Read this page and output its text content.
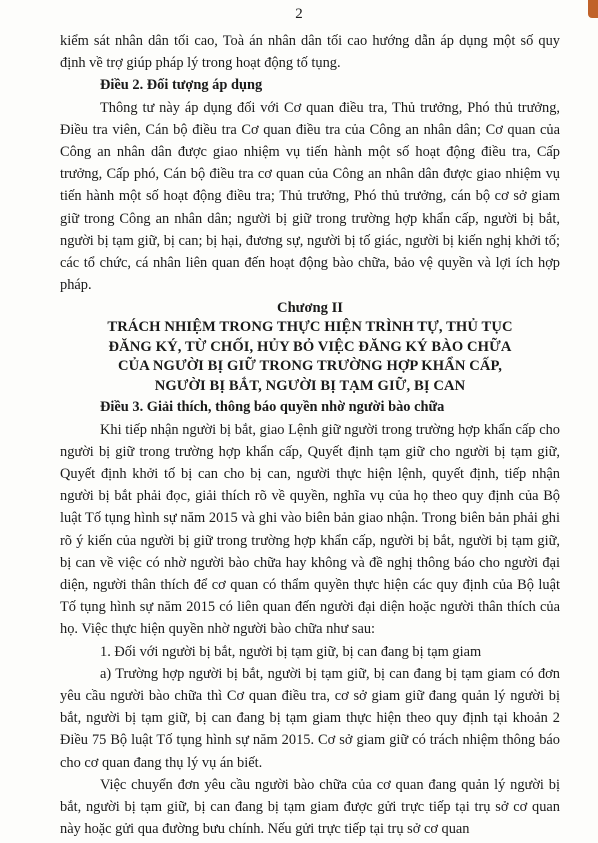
2

kiểm sát nhân dân tối cao, Toà án nhân dân tối cao hướng dẫn áp dụng một số quy định về trợ giúp pháp lý trong hoạt động tố tụng.

Điều 2. Đối tượng áp dụng

Thông tư này áp dụng đối với Cơ quan điều tra, Thủ trưởng, Phó thủ trưởng, Điều tra viên, Cán bộ điều tra Cơ quan điều tra của Công an nhân dân; Cơ quan của Công an nhân dân được giao nhiệm vụ tiến hành một số hoạt động điều tra, Cấp trưởng, Cấp phó, Cán bộ điều tra cơ quan của Công an nhân dân được giao nhiệm vụ tiến hành một số hoạt động điều tra; Thủ trưởng, Phó thủ trưởng, cán bộ cơ sở giam giữ trong Công an nhân dân; người bị giữ trong trường hợp khẩn cấp, người bị bắt, người bị tạm giữ, bị can; bị hại, đương sự, người bị tố giác, người bị kiến nghị khởi tố; các tổ chức, cá nhân liên quan đến hoạt động bào chữa, bảo vệ quyền và lợi ích hợp pháp.

Chương II
TRÁCH NHIỆM TRONG THỰC HIỆN TRÌNH TỰ, THỦ TỤC
ĐĂNG KÝ, TỪ CHỐI, HỦY BỎ VIỆC ĐĂNG KÝ BÀO CHỮA
CỦA NGƯỜI BỊ GIỮ TRONG TRƯỜNG HỢP KHẨN CẤP,
NGƯỜI BỊ BẮT, NGƯỜI BỊ TẠM GIỮ, BỊ CAN

Điều 3. Giải thích, thông báo quyền nhờ người bào chữa

Khi tiếp nhận người bị bắt, giao Lệnh giữ người trong trường hợp khẩn cấp cho người bị giữ trong trường hợp khẩn cấp, Quyết định tạm giữ cho người bị tạm giữ, Quyết định khởi tố bị can cho bị can, người thực hiện lệnh, quyết định, tiếp nhận người bị bắt phải đọc, giải thích rõ về quyền, nghĩa vụ của họ theo quy định của Bộ luật Tố tụng hình sự năm 2015 và ghi vào biên bản giao nhận. Trong biên bản phải ghi rõ ý kiến của người bị giữ trong trường hợp khẩn cấp, người bị bắt, người bị tạm giữ, bị can về việc có nhờ người bào chữa hay không và đề nghị thông báo cho người đại diện, người thân thích để cơ quan có thẩm quyền thực hiện các quy định của Bộ luật Tố tụng hình sự năm 2015 có liên quan đến người đại diện hoặc người thân thích của họ. Việc thực hiện quyền nhờ người bào chữa như sau:

1. Đối với người bị bắt, người bị tạm giữ, bị can đang bị tạm giam

a) Trường hợp người bị bắt, người bị tạm giữ, bị can đang bị tạm giam có đơn yêu cầu người bào chữa thì Cơ quan điều tra, cơ sở giam giữ đang quản lý người bị bắt, người bị tạm giữ, bị can đang bị tạm giam thực hiện theo quy định tại khoản 2 Điều 75 Bộ luật Tố tụng hình sự năm 2015. Cơ sở giam giữ có trách nhiệm thông báo cho cơ quan đang thụ lý vụ án biết.

Việc chuyển đơn yêu cầu người bào chữa của cơ quan đang quản lý người bị bắt, người bị tạm giữ, bị can đang bị tạm giam được gửi trực tiếp tại trụ sở cơ quan này hoặc gửi qua đường bưu chính. Nếu gửi trực tiếp tại trụ sở cơ quan
